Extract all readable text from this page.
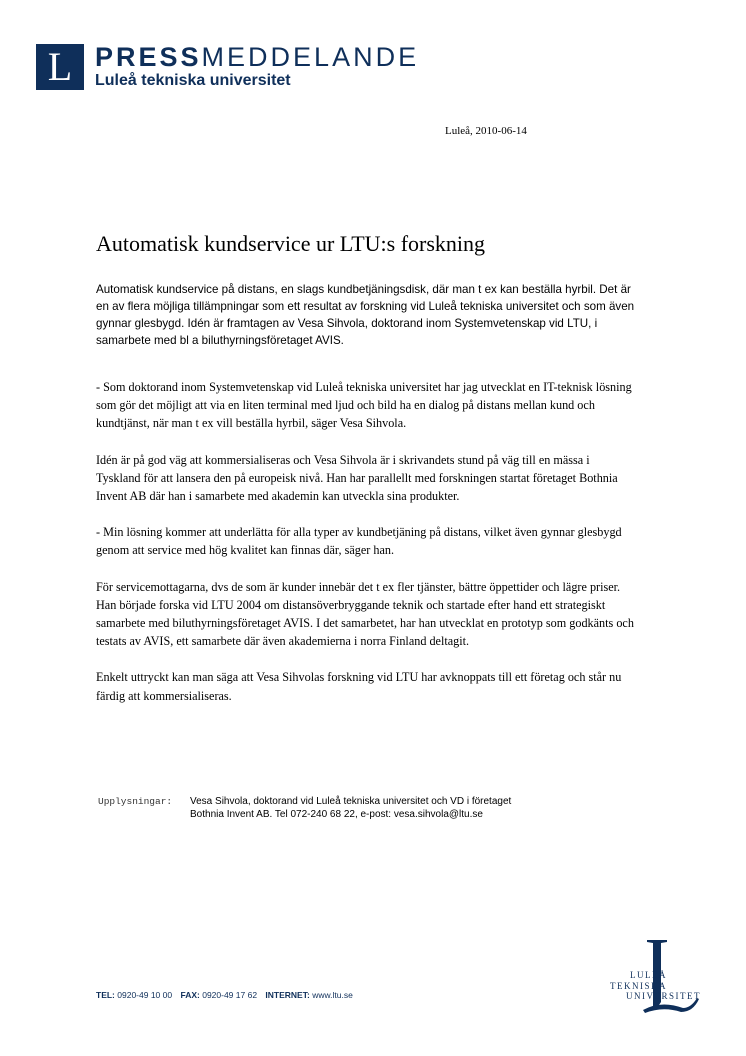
L PRESSMEDDELANDE
Luleå tekniska universitet
Luleå, 2010-06-14
Automatisk kundservice ur LTU:s forskning

Automatisk kundservice på distans, en slags kundbetjäningsdisk, där man t ex kan beställa hyrbil. Det är en av flera möjliga tillämpningar som ett resultat av forskning vid Luleå tekniska universitet och som även gynnar glesbygd. Idén är framtagen av Vesa Sihvola, doktorand inom Systemvetenskap vid LTU, i samarbete med bl a biluthyrningsföretaget AVIS.

- Som doktorand inom Systemvetenskap vid Luleå tekniska universitet har jag utvecklat en IT-teknisk lösning som gör det möjligt att via en liten terminal med ljud och bild ha en dialog på distans mellan kund och kundtjänst, när man t ex vill beställa hyrbil, säger Vesa Sihvola.

Idén är på god väg att kommersialiseras och Vesa Sihvola är i skrivandets stund på väg till en mässa i Tyskland för att lansera den på europeisk nivå. Han har parallellt med forskningen startat företaget Bothnia Invent AB där han i samarbete med akademin kan utveckla sina produkter.

- Min lösning kommer att underlätta för alla typer av kundbetjäning på distans, vilket även gynnar glesbygd genom att service med hög kvalitet kan finnas där, säger han.

För servicemottagarna, dvs de som är kunder innebär det t ex fler tjänster, bättre öppettider och lägre priser. Han började forska vid LTU 2004 om distansöverbryggande teknik och startade efter hand ett strategiskt samarbete med biluthyrningsföretaget AVIS. I det samarbetet, har han utvecklat en prototyp som godkänts och testats av AVIS, ett samarbete där även akademierna i norra Finland deltagit.

Enkelt uttryckt kan man säga att Vesa Sihvolas forskning vid LTU har avknoppats till ett företag och står nu färdig att kommersialiseras.

Upplysningar:	Vesa Sihvola, doktorand vid Luleå tekniska universitet och VD i företaget
Bothnia Invent AB. Tel 072-240 68 22, e-post: vesa.sihvola@ltu.se
TEL: 0920-49 10 00 FAX: 0920-49 17 62 INTERNET: www.ltu.se
LULEÅ
TEKNISKA
UNIVERSITET
